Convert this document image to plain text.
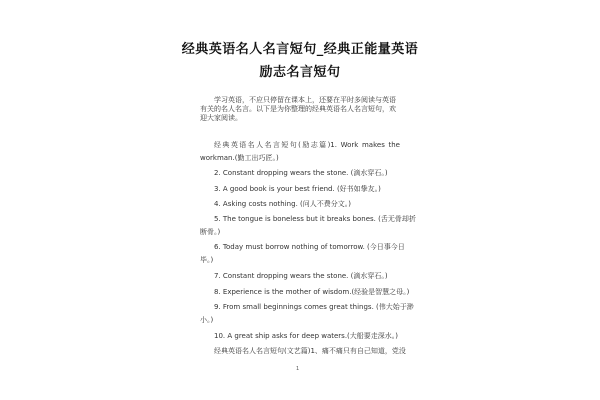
经典英语名人名言短句_经典正能量英语
励志名言短句
学习英语，不应只停留在课本上，还要在平时多阅读与英语有关的名人名言。以下是为你整理的经典英语名人名言短句，欢迎大家阅读。
经典英语名人名言短句(励志篇)1. Work makes the
workman.(勤工出巧匠。)
2. Constant dropping wears the stone. (滴水穿石。)
3. A good book is your best friend. (好书如挚友。)
4. Asking costs nothing. (问人不费分文。)
5. The tongue is boneless but it breaks bones. (舌无骨却折
断骨。)
6. Today must borrow nothing of tomorrow. (今日事今日
毕。)
7. Constant dropping wears the stone. (滴水穿石。)
8. Experience is the mother of wisdom.(经验是智慧之母。)
9. From small beginnings comes great things. (伟大始于渺
小。)
10. A great ship asks for deep waters.(大船要走深水。)
经典英语名人名言短句(文艺篇)1、痛不痛只有自己知道，党没
1
